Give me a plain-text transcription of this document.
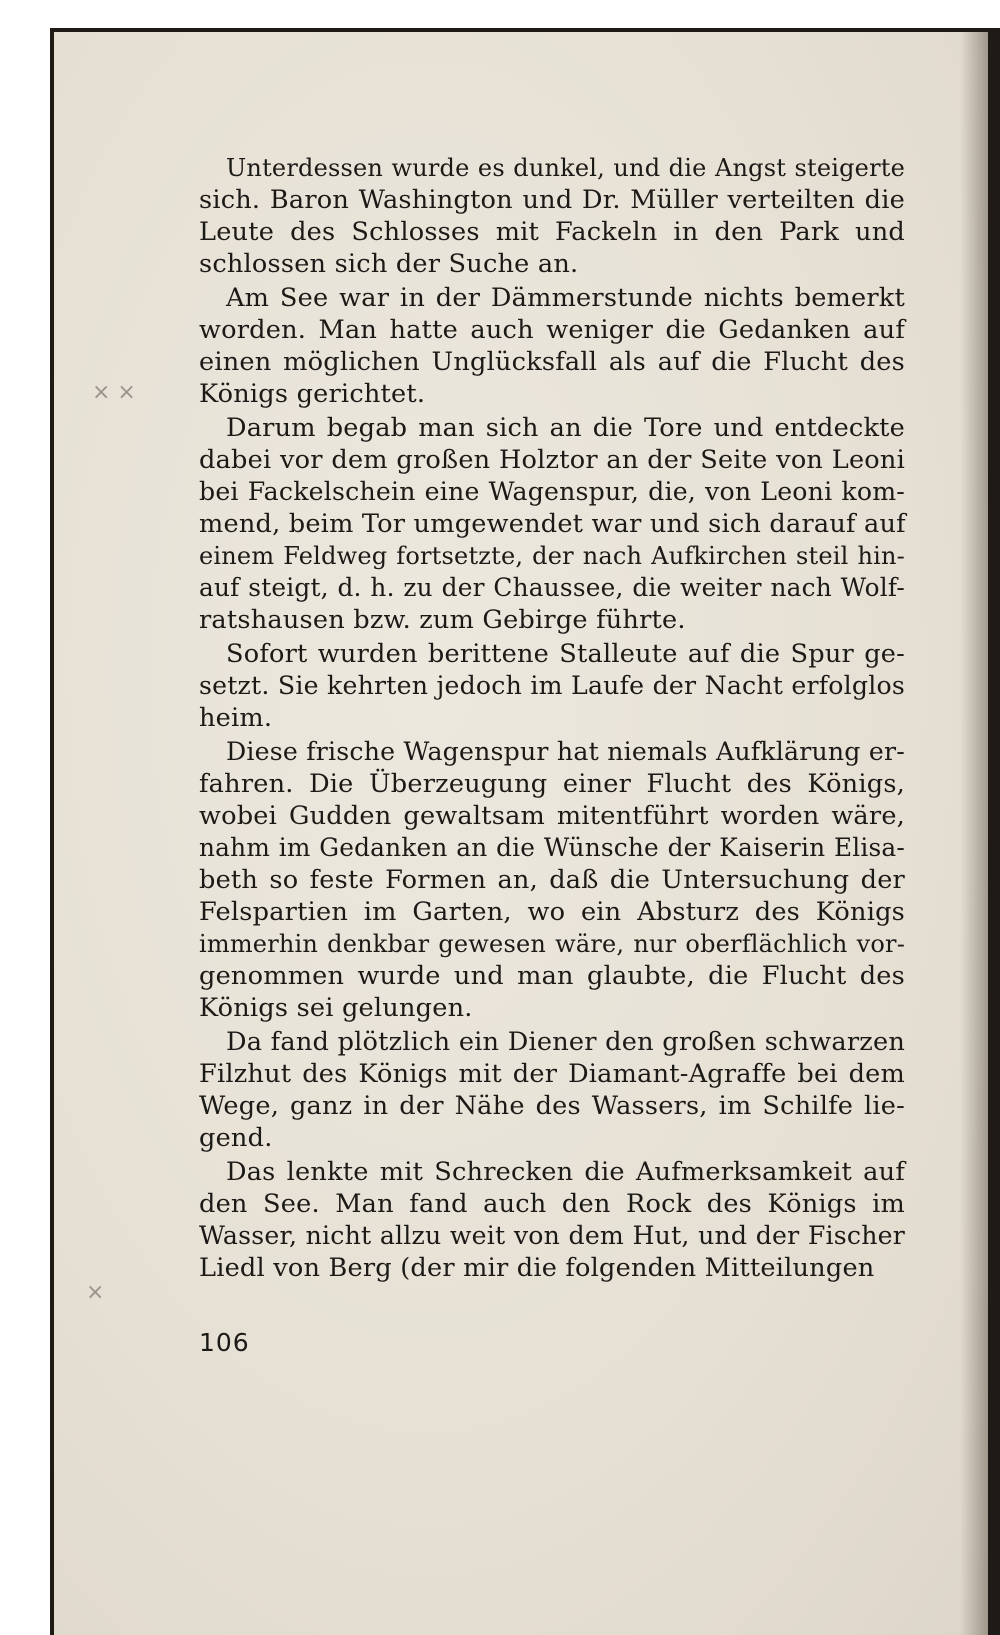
× ×
×
Unterdessen wurde es dunkel, und die Angst steigerte
sich. Baron Washington und Dr. Müller verteilten die
Leute des Schlosses mit Fackeln in den Park und
schlossen sich der Suche an.
Am See war in der Dämmerstunde nichts bemerkt
worden. Man hatte auch weniger die Gedanken auf
einen möglichen Unglücksfall als auf die Flucht des
Königs gerichtet.
Darum begab man sich an die Tore und entdeckte
dabei vor dem großen Holztor an der Seite von Leoni
bei Fackelschein eine Wagenspur, die, von Leoni kom-
mend, beim Tor umgewendet war und sich darauf auf
einem Feldweg fortsetzte, der nach Aufkirchen steil hin-
auf steigt, d. h. zu der Chaussee, die weiter nach Wolf-
ratshausen bzw. zum Gebirge führte.
Sofort wurden berittene Stalleute auf die Spur ge-
setzt. Sie kehrten jedoch im Laufe der Nacht erfolglos
heim.
Diese frische Wagenspur hat niemals Aufklärung er-
fahren. Die Überzeugung einer Flucht des Königs,
wobei Gudden gewaltsam mitentführt worden wäre,
nahm im Gedanken an die Wünsche der Kaiserin Elisa-
beth so feste Formen an, daß die Untersuchung der
Felspartien im Garten, wo ein Absturz des Königs
immerhin denkbar gewesen wäre, nur oberflächlich vor-
genommen wurde und man glaubte, die Flucht des
Königs sei gelungen.
Da fand plötzlich ein Diener den großen schwarzen
Filzhut des Königs mit der Diamant-Agraffe bei dem
Wege, ganz in der Nähe des Wassers, im Schilfe lie-
gend.
Das lenkte mit Schrecken die Aufmerksamkeit auf
den See. Man fand auch den Rock des Königs im
Wasser, nicht allzu weit von dem Hut, und der Fischer
Liedl von Berg (der mir die folgenden Mitteilungen
106
